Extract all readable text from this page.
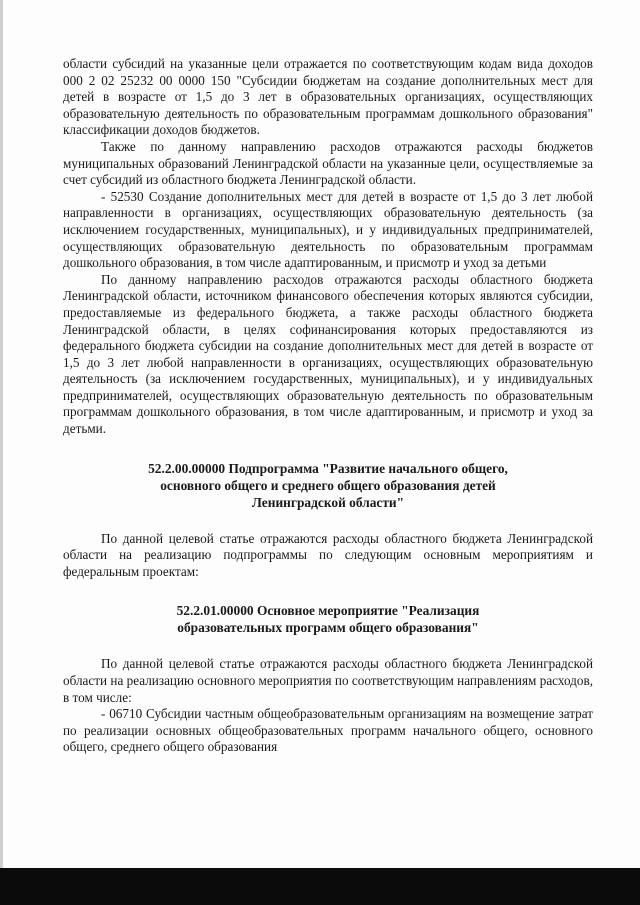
области субсидий на указанные цели отражается по соответствующим кодам вида доходов 000 2 02 25232 00 0000 150 "Субсидии бюджетам на создание дополнительных мест для детей в возрасте от 1,5 до 3 лет в образовательных организациях, осуществляющих образовательную деятельность по образовательным программам дошкольного образования" классификации доходов бюджетов.

Также по данному направлению расходов отражаются расходы бюджетов муниципальных образований Ленинградской области на указанные цели, осуществляемые за счет субсидий из областного бюджета Ленинградской области.

- 52530 Создание дополнительных мест для детей в возрасте от 1,5 до 3 лет любой направленности в организациях, осуществляющих образовательную деятельность (за исключением государственных, муниципальных), и у индивидуальных предпринимателей, осуществляющих образовательную деятельность по образовательным программам дошкольного образования, в том числе адаптированным, и присмотр и уход за детьми

По данному направлению расходов отражаются расходы областного бюджета Ленинградской области, источником финансового обеспечения которых являются субсидии, предоставляемые из федерального бюджета, а также расходы областного бюджета Ленинградской области, в целях софинансирования которых предоставляются из федерального бюджета субсидии на создание дополнительных мест для детей в возрасте от 1,5 до 3 лет любой направленности в организациях, осуществляющих образовательную деятельность (за исключением государственных, муниципальных), и у индивидуальных предпринимателей, осуществляющих образовательную деятельность по образовательным программам дошкольного образования, в том числе адаптированным, и присмотр и уход за детьми.

52.2.00.00000 Подпрограмма "Развитие начального общего,

основного общего и среднего общего образования детей

Ленинградской области"

По данной целевой статье отражаются расходы областного бюджета Ленинградской области на реализацию подпрограммы по следующим основным мероприятиям и федеральным проектам:

52.2.01.00000 Основное мероприятие "Реализация

образовательных программ общего образования"

По данной целевой статье отражаются расходы областного бюджета Ленинградской области на реализацию основного мероприятия по соответствующим направлениям расходов, в том числе:

- 06710 Субсидии частным общеобразовательным организациям на возмещение затрат по реализации основных общеобразовательных программ начального общего, основного общего, среднего общего образования
